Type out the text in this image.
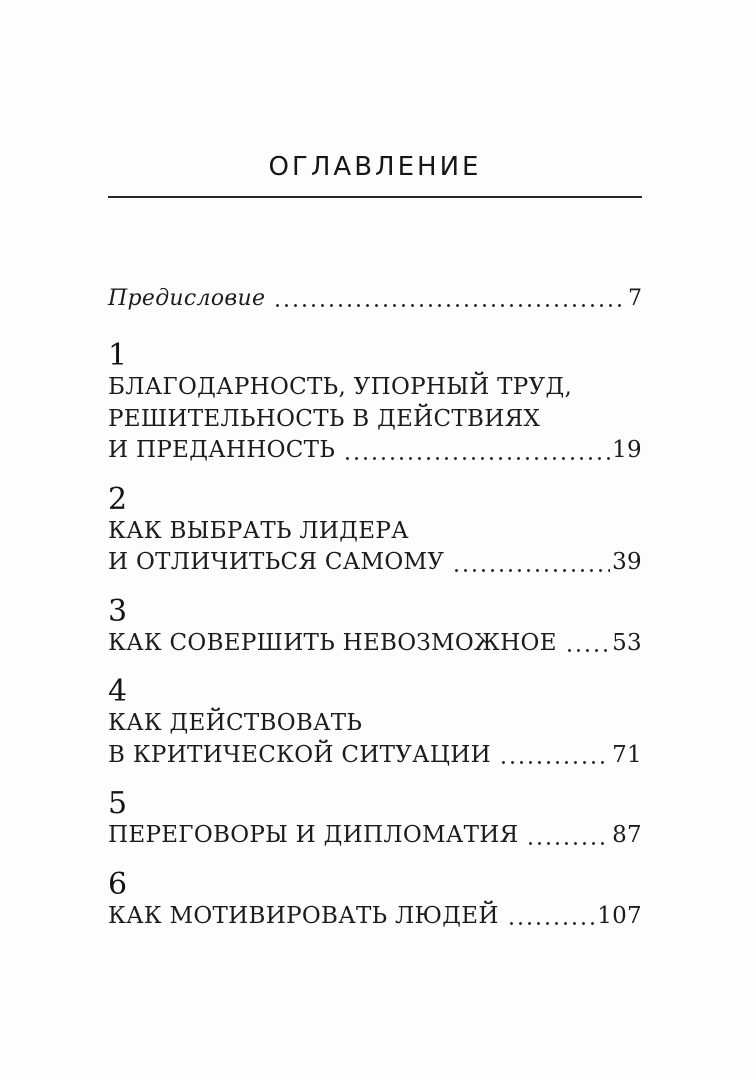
ОГЛАВЛЕНИЕ
Предисловие	7
1
БЛАГОДАРНОСТЬ, УПОРНЫЙ ТРУД,
РЕШИТЕЛЬНОСТЬ В ДЕЙСТВИЯХ
И ПРЕДАННОСТЬ	19
2
КАК ВЫБРАТЬ ЛИДЕРА
И ОТЛИЧИТЬСЯ САМОМУ	39
3
КАК СОВЕРШИТЬ НЕВОЗМОЖНОЕ 53
4
КАК ДЕЙСТВОВАТЬ
В КРИТИЧЕСКОЙ СИТУАЦИИ	71
5
ПЕРЕГОВОРЫ И ДИПЛОМАТИЯ	87
6
КАК МОТИВИРОВАТЬ ЛЮДЕЙ	107
